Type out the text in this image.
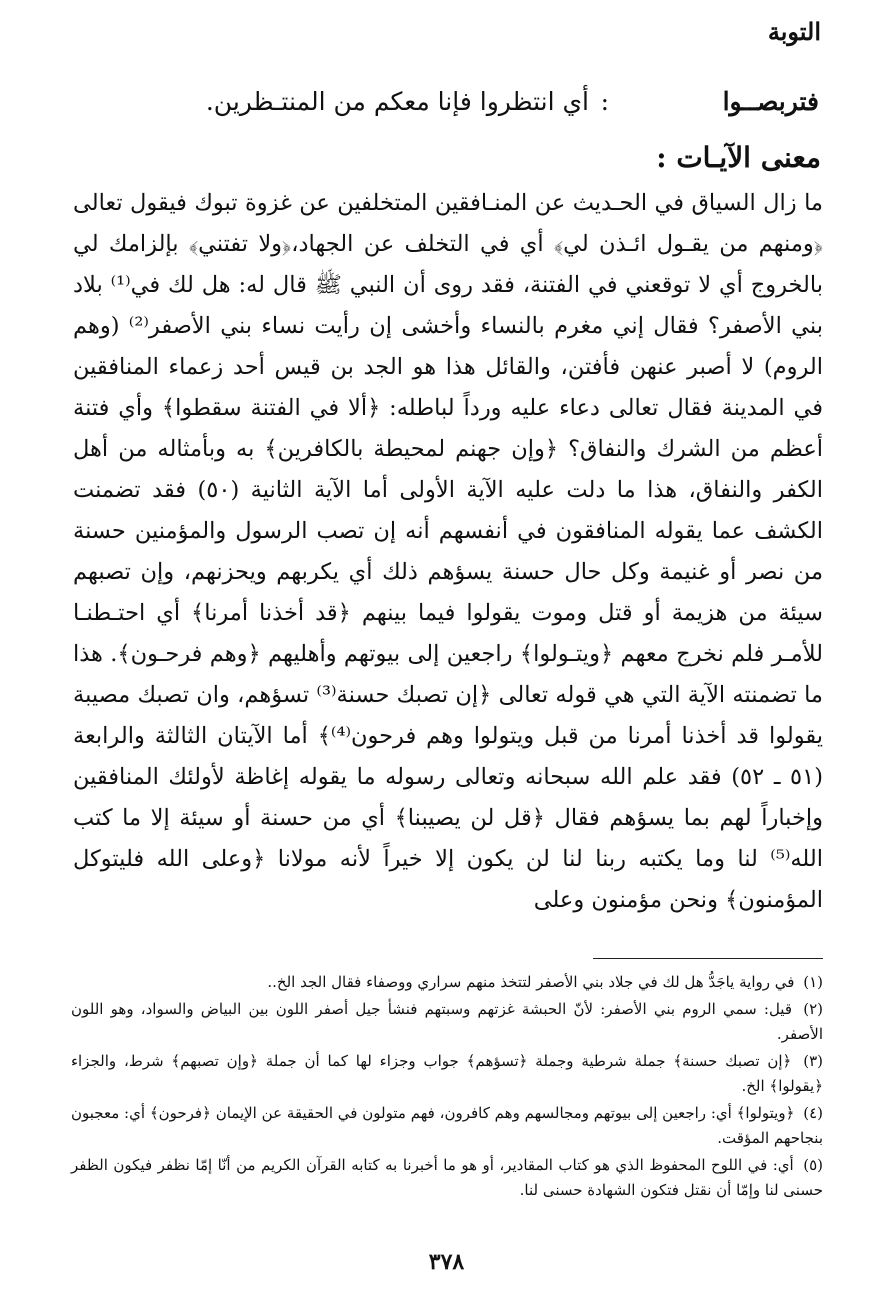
التوبة
فتربصــوا
:
أي انتظروا فإنا معكم من المنتـظرين.
معنى الآيـات :

ما زال السياق في الحـديث عن المنـافقين المتخلفين عن غزوة تبوك فيقول تعالى ﴿ومنهم من يقـول ائـذن لي﴾ أي في التخلف عن الجهاد،﴿ولا تفتني﴾ بإلزامك لي بالخروج أي لا توقعني في الفتنة، فقد روى أن النبي ﷺ قال له: هل لك في⁽¹⁾ بلاد بني الأصفر؟ فقال إني مغرم بالنساء وأخشى إن رأيت نساء بني الأصفر⁽²⁾ (وهم الروم) لا أصبر عنهن فأفتن، والقائل هذا هو الجد بن قيس أحد زعماء المنافقين في المدينة فقال تعالى دعاء عليه ورداً لباطله: ﴿ألا في الفتنة سقطوا﴾ وأي فتنة أعظم من الشرك والنفاق؟ ﴿وإن جهنم لمحيطة بالكافرين﴾ به وبأمثاله من أهل الكفر والنفاق، هذا ما دلت عليه الآية الأولى أما الآية الثانية (٥٠) فقد تضمنت الكشف عما يقوله المنافقون في أنفسهم أنه إن تصب الرسول والمؤمنين حسنة من نصر أو غنيمة وكل حال حسنة يسؤهم ذلك أي يكربهم ويحزنهم، وإن تصبهم سيئة من هزيمة أو قتل وموت يقولوا فيما بينهم ﴿قد أخذنا أمرنا﴾ أي احتـطنـا للأمـر فلم نخرج معهم ﴿ويتـولوا﴾ راجعين إلى بيوتهم وأهليهم ﴿وهم فرحـون﴾. هذا ما تضمنته الآية التي هي قوله تعالى ﴿إن تصبك حسنة⁽³⁾ تسؤهم، وان تصبك مصيبة يقولوا قد أخذنا أمرنا من قبل ويتولوا وهم فرحون⁽⁴⁾﴾ أما الآيتان الثالثة والرابعة (٥١ ـ ٥٢) فقد علم الله سبحانه وتعالى رسوله ما يقوله إغاظة لأولئك المنافقين وإخباراً لهم بما يسؤهم فقال ﴿قل لن يصيبنا﴾ أي من حسنة أو سيئة إلا ما كتب الله⁽⁵⁾ لنا وما يكتبه ربنا لنا لن يكون إلا خيراً لأنه مولانا ﴿وعلى الله فليتوكل المؤمنون﴾ ونحن مؤمنون وعلى

(١) في رواية ياجَدُّ هل لك في جلاد بني الأصفر لتتخذ منهم سراري ووصفاء فقال الجد الخ..

(٢) قيل: سمي الروم بني الأصفر: لأنّ الحبشة غزتهم وسبتهم فنشأ جيل أصفر اللون بين البياض والسواد، وهو اللون الأصفر.

(٣) ﴿إن تصبك حسنة﴾ جملة شرطية وجملة ﴿تسؤهم﴾ جواب وجزاء لها كما أن جملة ﴿وإن تصبهم﴾ شرط، والجزاء ﴿يقولوا﴾ الخ.

(٤) ﴿ويتولوا﴾ أي: راجعين إلى بيوتهم ومجالسهم وهم كافرون، فهم متولون في الحقيقة عن الإيمان ﴿فرحون﴾ أي: معجبون بنجاحهم المؤقت.

(٥) أي: في اللوح المحفوظ الذي هو كتاب المقادير، أو هو ما أخبرنا به كتابه القرآن الكريم من أنّا إمّا نظفر فيكون الظفر حسنى لنا وإمّا أن نقتل فتكون الشهادة حسنى لنا.

٣٧٨
